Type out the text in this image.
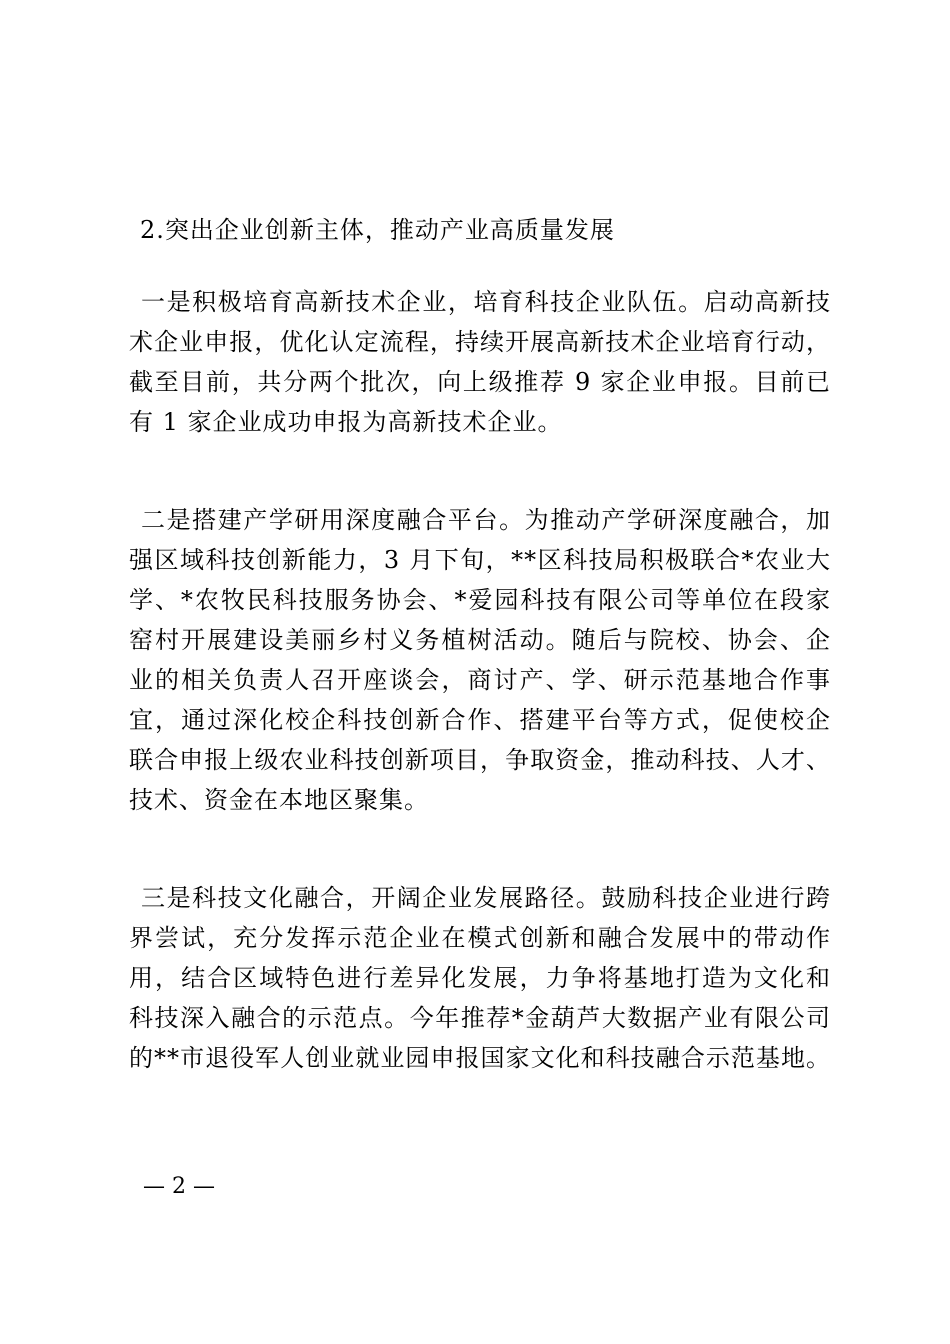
2.突出企业创新主体，推动产业高质量发展
一是积极培育高新技术企业，培育科技企业队伍。启动高新技
术企业申报，优化认定流程，持续开展高新技术企业培育行动，
截至目前，共分两个批次，向上级推荐 9 家企业申报。目前已
有 1 家企业成功申报为高新技术企业。
二是搭建产学研用深度融合平台。为推动产学研深度融合，加
强区域科技创新能力，3 月下旬，**区科技局积极联合*农业大
学、*农牧民科技服务协会、*爱园科技有限公司等单位在段家
窑村开展建设美丽乡村义务植树活动。随后与院校、协会、企
业的相关负责人召开座谈会，商讨产、学、研示范基地合作事
宜，通过深化校企科技创新合作、搭建平台等方式，促使校企
联合申报上级农业科技创新项目，争取资金，推动科技、人才、
技术、资金在本地区聚集。
三是科技文化融合，开阔企业发展路径。鼓励科技企业进行跨
界尝试，充分发挥示范企业在模式创新和融合发展中的带动作
用，结合区域特色进行差异化发展，力争将基地打造为文化和
科技深入融合的示范点。今年推荐*金葫芦大数据产业有限公司
的**市退役军人创业就业园申报国家文化和科技融合示范基地。
— 2 —
